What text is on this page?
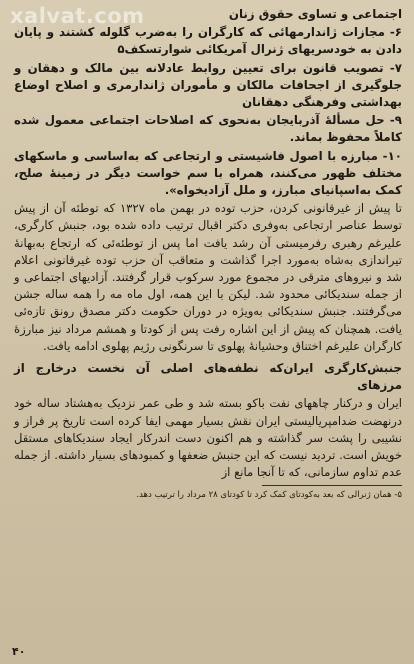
xalvat.com	اجتماعی و تساوی حقوق زنان

۶- مجازات ژاندارمهائی که کارگران را به‌ضرب گلوله کشتند و پایان دادن به خودسریهای ژنرال آمریکائی شوارتسکف۵

۷- تصویب قانون برای تعیین روابط عادلانه بین مالک و دهقان و جلوگیری از اجحافات مالکان و مأموران ژاندارمری و اصلاح اوضاع بهداشتی وفرهنگی دهقانان

۹- حل مسألهٔ آذربایجان به‌نحوی که اصلاحات اجتماعی معمول شده کاملاً محفوظ بماند.

۱۰- مبارزه با اصول فاشیستی و ارتجاعی که به‌اساسی و ماسکهای مختلف ظهور می‌کنند، همراه با سم خواست دیگر در زمینهٔ صلح، کمک به‌اسپانیای مبارز، و ملل آزادیخواه».

تا پیش از غیرقانونی کردن، حزب توده در بهمن ماه ۱۳۲۷ که توطئه آن از پیش توسط عناصر ارتجاعی به‌وفری دکتر اقبال ترتیب داده شده بود، جنبش کارگری، علیرغم رهبری رفرمیستی آن رشد یافت اما پس از توطئه‌ئی که ارتجاع به‌بهانهٔ تیراندازی به‌شاه به‌مورد اجرا گذاشت و متعاقب آن حزب توده غیرقانونی اعلام شد و نیروهای مترقی در مجموع مورد سرکوب قرار گرفتند. آزادیهای اجتماعی و از جمله سندیکائی محدود شد. لیکن با این همه، اول ماه مه را همه ساله جشن می‌گرفتند. جنبش سندیکائی به‌ویژه در دوران حکومت دکتر مصدق رونق تازه‌ئی یافت. همچنان که پیش از این اشاره رفت پس از کودتا و همشم مرداد نیز مبارزهٔ کارگران علیرغم اختناق وحشیانهٔ پهلوی تا سرنگونی رژیم پهلوی ادامه یافت.

جنبش‌کارگری ایران‌که نطفه‌های اصلی آن نخست درخارج از مرزهای

ایران و درکنار چاههای نفت باکو بسته شد و طی عمر نزدیک به‌هشتاد ساله خود درنهضت ضدامپریالیستی ایران نقش بسیار مهمی ایفا کرده است تاریخ پر فراز و نشیبی را پشت سر گذاشته و هم اکنون دست اندرکار ایجاد سندیکاهای مستقل خویش است. تردید نیست که این جنبش ضعفها و کمبودهای بسیار داشته. از جمله عدم تداوم سازمانی، که تا آنجا مانع از

۵- همان ژنرالی که بعد به‌کودتای کمک کرد تا کودتای ۲۸ مرداد را ترتیب دهد.

۴۰
